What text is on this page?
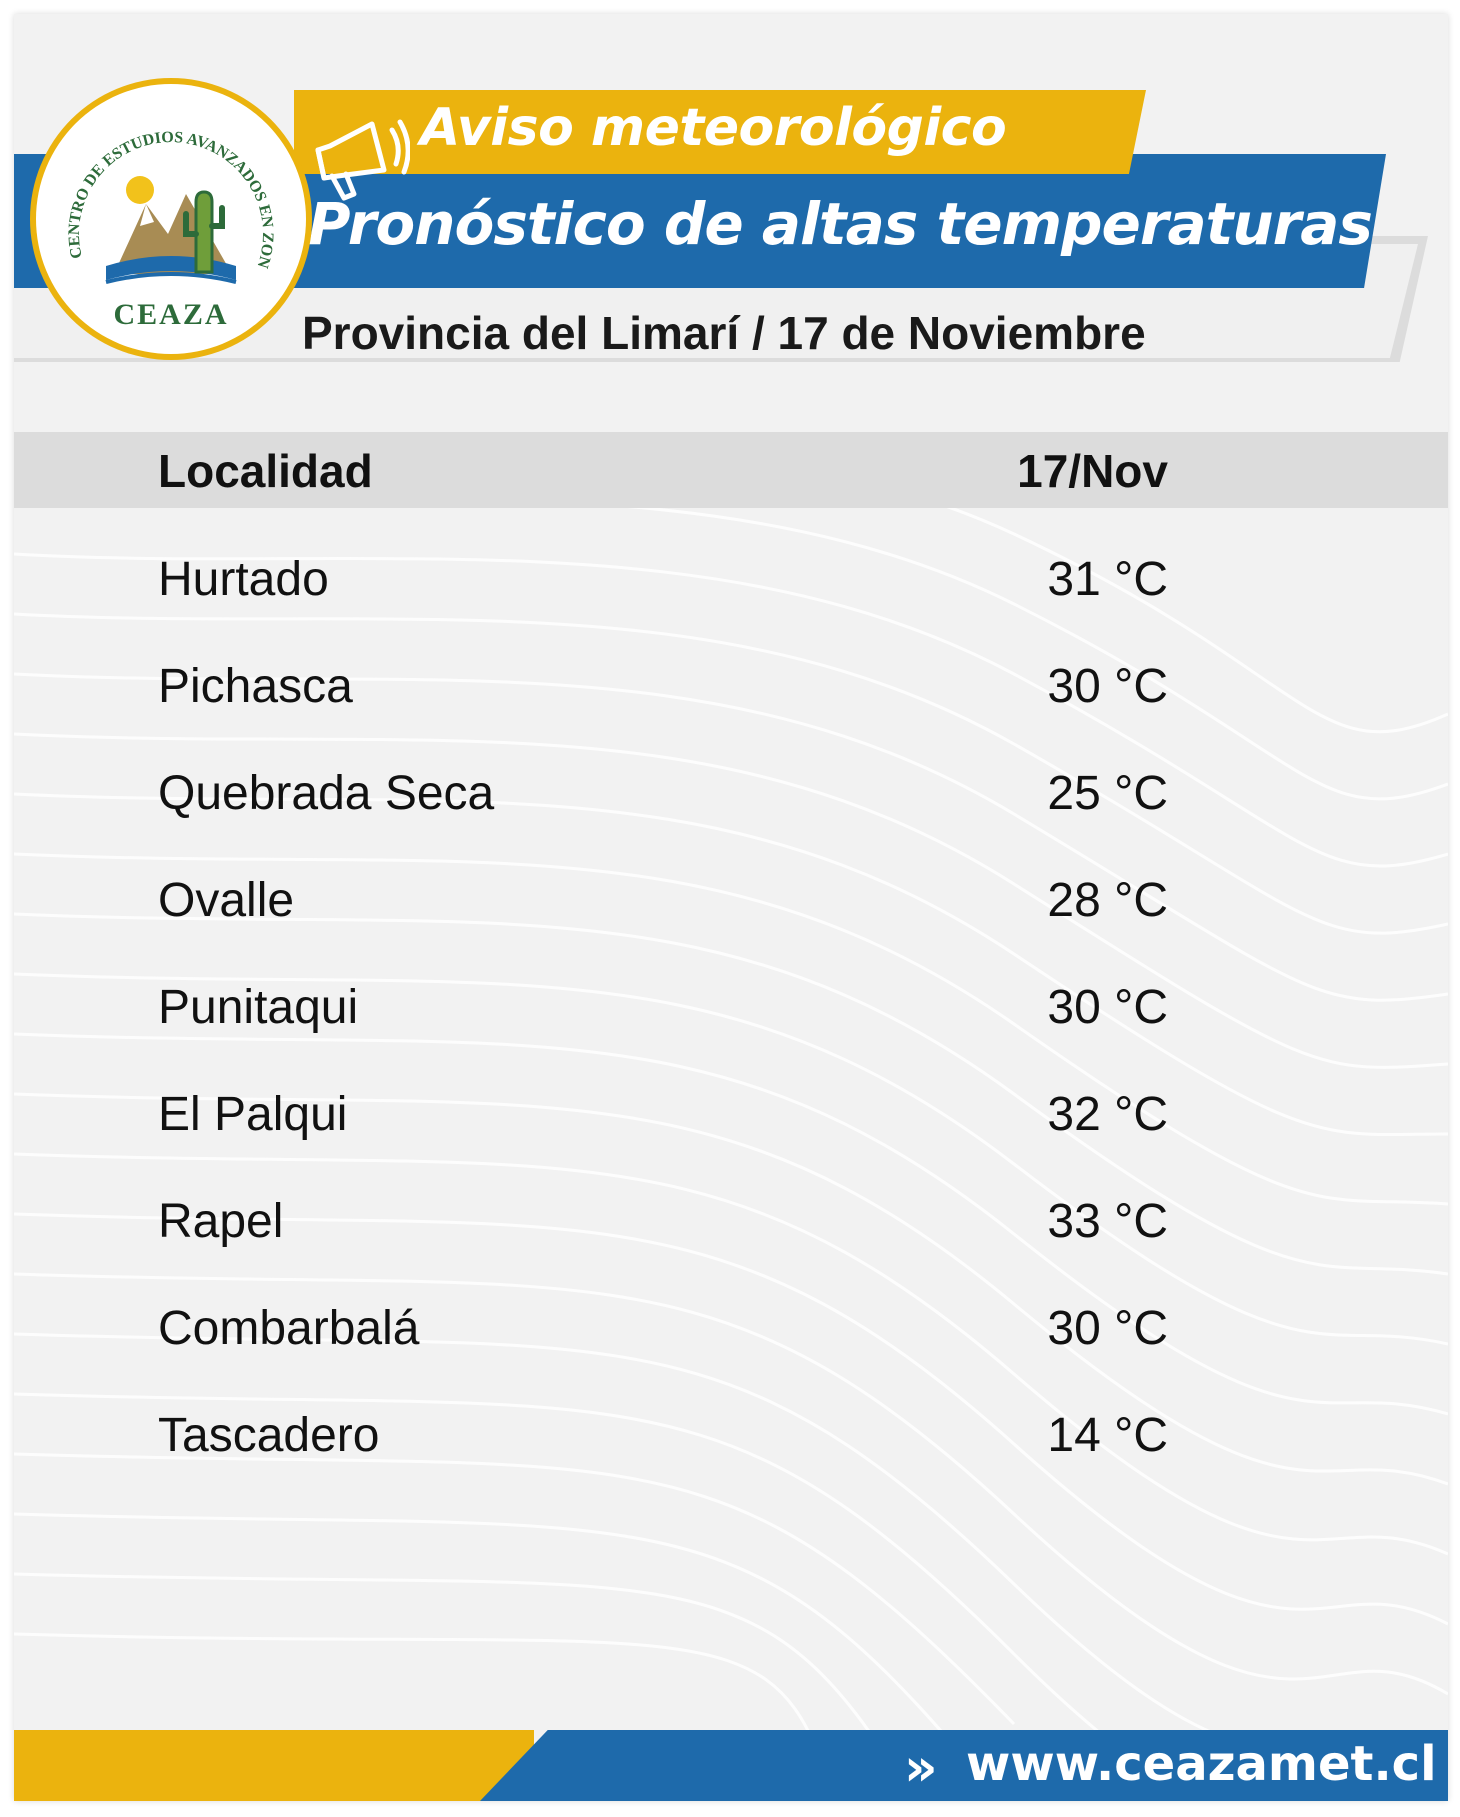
Aviso meteorológico
Pronóstico de altas temperaturas
Provincia del Limarí / 17 de Noviembre
CENTRO DE ESTUDIOS AVANZADOS EN ZON
CEAZA
Localidad	17/Nov
Hurtado	31 °C
Pichasca	30 °C
Quebrada Seca	25 °C
Ovalle	28 °C
Punitaqui	30 °C
El Palqui	32 °C
Rapel	33 °C
Combarbalá	30 °C
Tascadero	14 °C
» www.ceazamet.cl
